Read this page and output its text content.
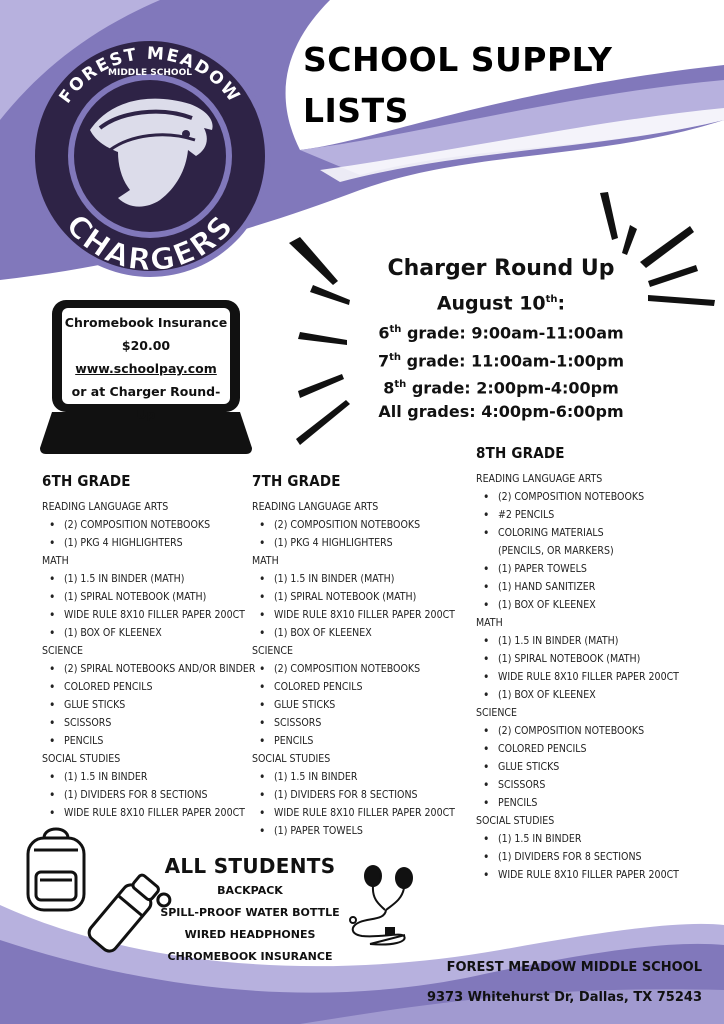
SCHOOL SUPPLY
LISTS
FOREST MEADOW
MIDDLE SCHOOL
CHARGERS
Charger Round Up
August 10th:
6th grade: 9:00am-11:00am
7th grade: 11:00am-1:00pm
8th grade: 2:00pm-4:00pm
All grades: 4:00pm-6:00pm
Chromebook Insurance
$20.00
www.schoolpay.com
or at Charger Round-Up
6TH GRADE
READING LANGUAGE ARTS
• (2) COMPOSITION NOTEBOOKS
• (1) PKG 4 HIGHLIGHTERS
MATH
• (1) 1.5 IN BINDER (MATH)
• (1) SPIRAL NOTEBOOK (MATH)
• WIDE RULE 8X10 FILLER PAPER 200CT
• (1) BOX OF KLEENEX
SCIENCE
• (2) SPIRAL NOTEBOOKS AND/OR BINDER
• COLORED PENCILS
• GLUE STICKS
• SCISSORS
• PENCILS
SOCIAL STUDIES
• (1) 1.5 IN BINDER
• (1) DIVIDERS FOR 8 SECTIONS
• WIDE RULE 8X10 FILLER PAPER 200CT
7TH GRADE
READING LANGUAGE ARTS
• (2) COMPOSITION NOTEBOOKS
• (1) PKG 4 HIGHLIGHTERS
MATH
• (1) 1.5 IN BINDER (MATH)
• (1) SPIRAL NOTEBOOK (MATH)
• WIDE RULE 8X10 FILLER PAPER 200CT
• (1) BOX OF KLEENEX
SCIENCE
• (2) COMPOSITION NOTEBOOKS
• COLORED PENCILS
• GLUE STICKS
• SCISSORS
• PENCILS
SOCIAL STUDIES
• (1) 1.5 IN BINDER
• (1) DIVIDERS FOR 8 SECTIONS
• WIDE RULE 8X10 FILLER PAPER 200CT
• (1) PAPER TOWELS
8TH GRADE
READING LANGUAGE ARTS
• (2) COMPOSITION NOTEBOOKS
• #2 PENCILS
• COLORING MATERIALS (PENCILS, OR MARKERS)
• (1) PAPER TOWELS
• (1) HAND SANITIZER
• (1) BOX OF KLEENEX
MATH
• (1) 1.5 IN BINDER (MATH)
• (1) SPIRAL NOTEBOOK (MATH)
• WIDE RULE 8X10 FILLER PAPER 200CT
• (1) BOX OF KLEENEX
SCIENCE
• (2) COMPOSITION NOTEBOOKS
• COLORED PENCILS
• GLUE STICKS
• SCISSORS
• PENCILS
SOCIAL STUDIES
• (1) 1.5 IN BINDER
• (1) DIVIDERS FOR 8 SECTIONS
• WIDE RULE 8X10 FILLER PAPER 200CT
ALL STUDENTS
BACKPACK
SPILL-PROOF WATER BOTTLE
WIRED HEADPHONES
CHROMEBOOK INSURANCE
FOREST MEADOW MIDDLE SCHOOL
9373 Whitehurst Dr, Dallas, TX 75243
